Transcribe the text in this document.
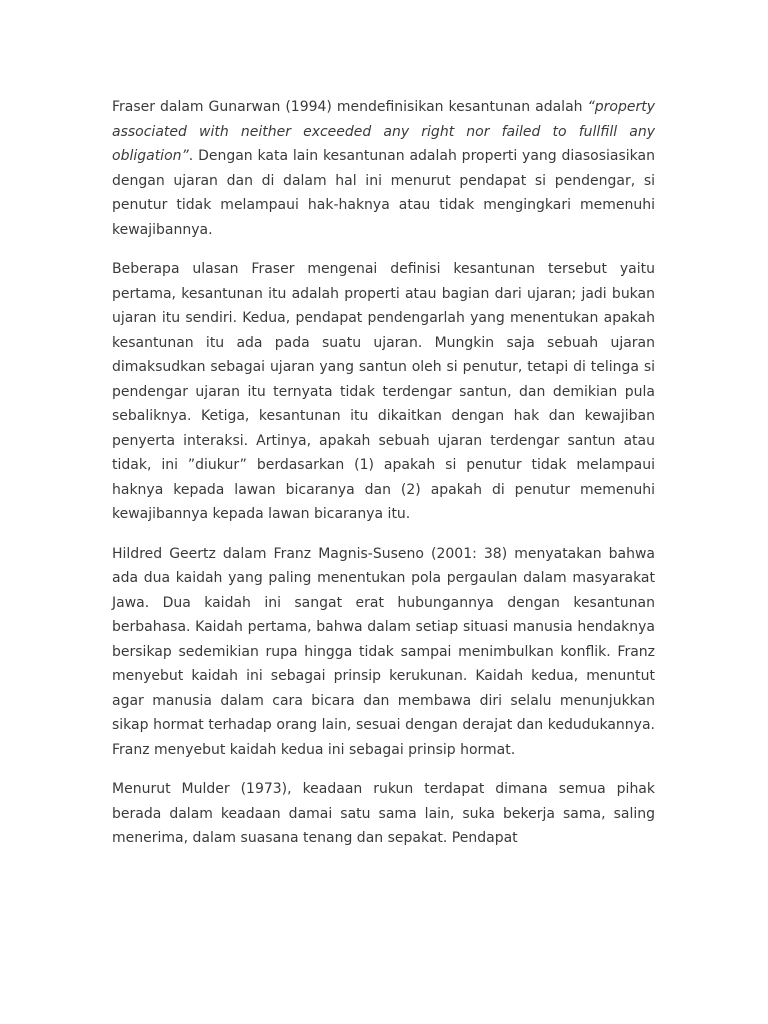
Fraser dalam Gunarwan (1994) mendefinisikan kesantunan adalah “property associated with neither exceeded any right nor failed to fullfill any obligation”. Dengan kata lain kesantunan adalah properti yang diasosiasikan dengan ujaran dan di dalam hal ini menurut pendapat si pendengar, si penutur tidak melampaui hak-haknya atau tidak mengingkari memenuhi kewajibannya.

Beberapa ulasan Fraser mengenai definisi kesantunan tersebut yaitu pertama, kesantunan itu adalah properti atau bagian dari ujaran; jadi bukan ujaran itu sendiri. Kedua, pendapat pendengarlah yang menentukan apakah kesantunan itu ada pada suatu ujaran. Mungkin saja sebuah ujaran dimaksudkan sebagai ujaran yang santun oleh si penutur, tetapi di telinga si pendengar ujaran itu ternyata tidak terdengar santun, dan demikian pula sebaliknya. Ketiga, kesantunan itu dikaitkan dengan hak dan kewajiban penyerta interaksi. Artinya, apakah sebuah ujaran terdengar santun atau tidak, ini ”diukur” berdasarkan (1) apakah si penutur tidak melampaui haknya kepada lawan bicaranya dan (2) apakah di penutur memenuhi kewajibannya kepada lawan bicaranya itu.

Hildred Geertz dalam Franz Magnis-Suseno (2001: 38) menyatakan bahwa ada dua kaidah yang paling menentukan pola pergaulan dalam masyarakat Jawa. Dua kaidah ini sangat erat hubungannya dengan kesantunan berbahasa. Kaidah pertama, bahwa dalam setiap situasi manusia hendaknya bersikap sedemikian rupa hingga tidak sampai menimbulkan konflik. Franz menyebut kaidah ini sebagai prinsip kerukunan. Kaidah kedua, menuntut agar manusia dalam cara bicara dan membawa diri selalu menunjukkan sikap hormat terhadap orang lain, sesuai dengan derajat dan kedudukannya. Franz menyebut kaidah kedua ini sebagai prinsip hormat.

Menurut Mulder (1973), keadaan rukun terdapat dimana semua pihak berada dalam keadaan damai satu sama lain, suka bekerja sama, saling menerima, dalam suasana tenang dan sepakat. Pendapat
